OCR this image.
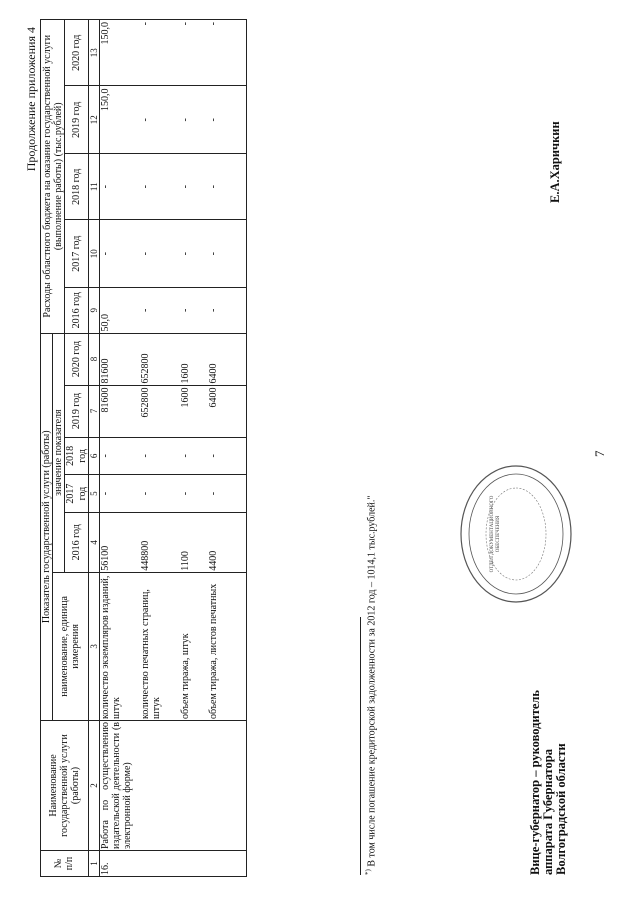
7
Продолжение приложения 4
№
п/п	Наименование государственной услуги (работы)	Показатель государственной услуги (работы)						Расходы областного бюджета на оказание государственной услуги (выполнение работы) (тыс.рублей)				
		наименование, единица измерения	значение показателя									
			2016 год	2017 год	2018 год	2019 год	2020 год	2016 год	2017 год	2018 год	2019 год	2020 год
1	2	3	4	5	6	7	8	9	10	11	12	13
16.	Работа по осуществлению издательской деятельности (в электронной форме)	количество экземпляров изданий, штук	56100	-	-	81600	81600	50,0	-	-	150,0	150,0
		количество печатных страниц, штук	448800	-	-	652800	652800	-	-	-	-	-
		объем тиража, штук	1100	-	-	1600	1600	-	-	-	-	-
		объем тиража, листов печатных	4400	-	-	6400	6400	-	-	-	-	-
*) В том числе погашение кредиторской задолженности за 2012 год – 1014,1 тыс.рублей."	Вице-губернатор – руководитель аппарата Губернатора Волгоградской области
Е.А.Харичкин
ОТДЕЛ ДОКУМЕНТАЦИОННОГО ОБЕСПЕЧЕНИЯ
